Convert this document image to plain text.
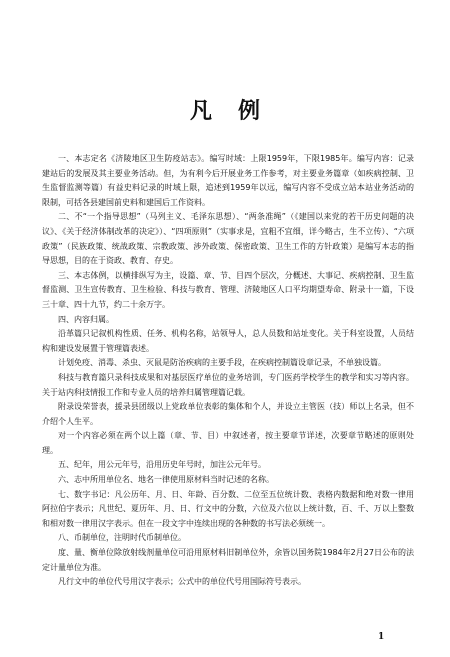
凡例

一、本志定名《济陵地区卫生防疫站志》。编写时域：上限1959年，下限1985年。编写内容：记录建站后的发展及其主要业务活动。但，为有利今后开展业务工作参考，对主要业务篇章（如疾病控制、卫生监督监测等篇）有益史料记录的时域上限，追述到1959年以远，编写内容不受成立站本站业务活动的限制，可括各县建国前史料和建国后工作资料。

二、不“一个指导思想”（马列主义、毛泽东思想）、“两条准绳”（《建国以来党的若干历史问题的决议》、《关于经济体制改革的决定》）、“四项原则”（实事求是，宜粗不宜细，详今略古，生不立传）、“六项政策”（民族政策、统战政策、宗教政策、涉外政策、保密政策、卫生工作的方针政策）是编写本志的指导思想，目的在于资政、教育、存史。

三、本志体例，以横排纵写为主，设篇、章、节、目四个层次，分概述、大事记、疾病控制、卫生监督监测、卫生宣传教育、卫生检验、科技与教育、管理、济陵地区人口平均期望寿命、附录十一篇，下设三十章、四十九节，约二十余万字。

四、内容归属。

沿革篇只记叙机构性质、任务、机构名称，站领导人，总人员数和站址变化。关于科室设置，人员结构和建设发展置于管理篇表述。

计划免疫、消毒、杀虫、灭鼠是防治疾病的主要手段，在疾病控制篇设章记录，不单独设篇。

科技与教育篇只录科技成果和对基层医疗单位的业务培训，专门医药学校学生的教学和实习等内容。关于站内科技情报工作和专业人员的培养归属管理篇记载。

附录设荣誉表，援录县团级以上党政单位表彰的集体和个人，并设立主管医（技）师以上名录，但不介绍个人生平。

对一个内容必须在两个以上篇（章、节、目）中叙述者，按主要章节详述，次要章节略述的原则处理。

五、纪年，用公元年号，沿用历史年号时，加注公元年号。

六、志中所用单位名、地名一律使用原材料当时记述的名称。

七、数字书记：凡公历年、月、日、年龄、百分数、二位至五位统计数、表格内数据和绝对数一律用阿拉伯字表示；凡世纪、夏历年、月、日、行文中的分数，六位及六位以上统计数，百、千、万以上整数和相对数一律用汉字表示。但在一段文字中连续出现的各种数的书写法必须统一。

八、币制单位，注明时代币制单位。

度、量、衡单位除放射线剂量单位可沿用原材料旧制单位外，余皆以国务院1984年2月27日公布的法定计量单位为准。

凡行文中的单位代号用汉字表示；公式中的单位代号用国际符号表示。

1
